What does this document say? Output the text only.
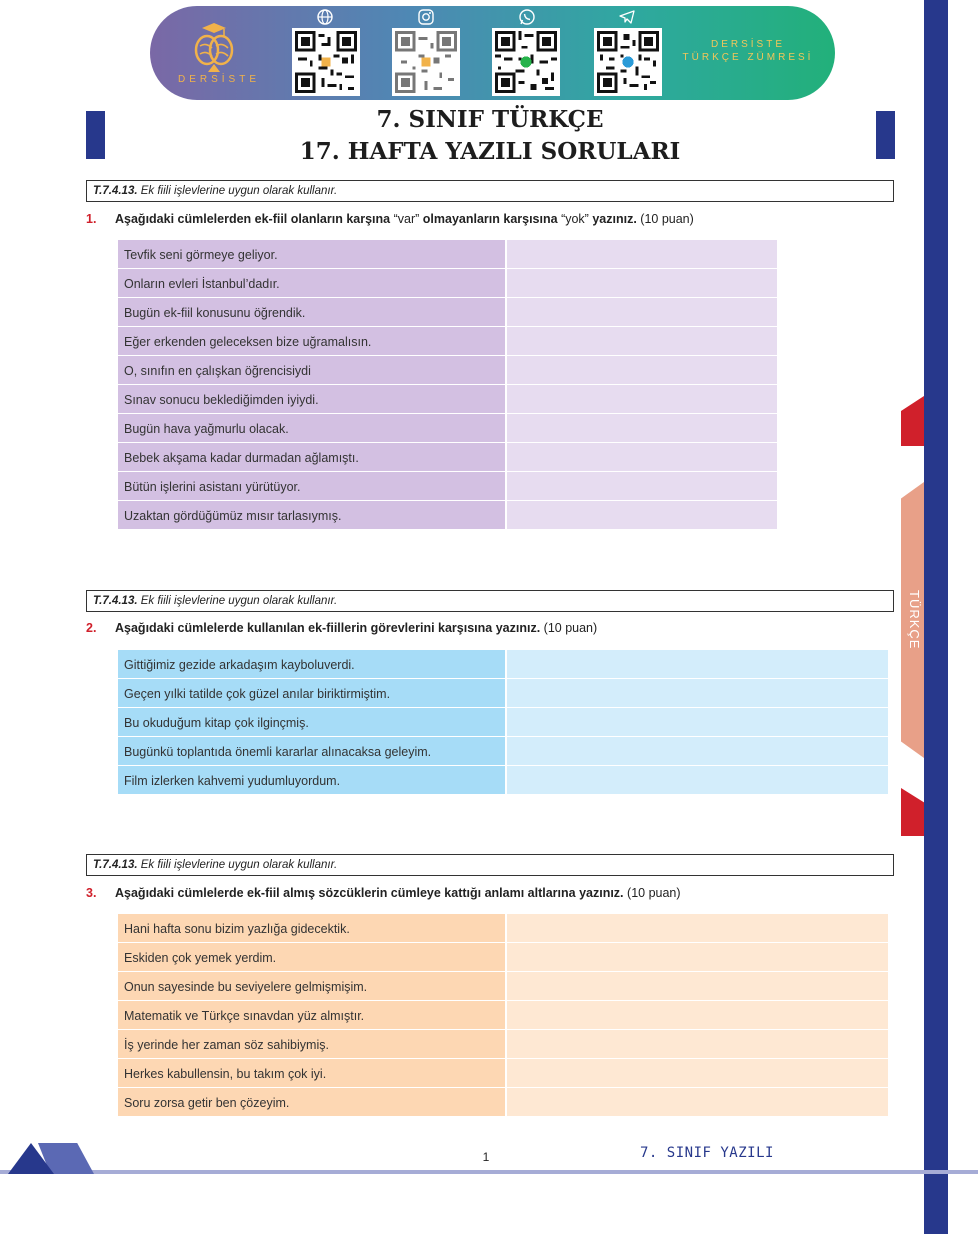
TÜRKÇE
DERSİSTE
DERSİSTE
TÜRKÇE ZÜMRESİ
7. SINIF TÜRKÇE
17. HAFTA YAZILI SORULARI
T.7.4.13. Ek fiili işlevlerine uygun olarak kullanır.
1. Aşağıdaki cümlelerden ek-fiil olanların karşına “var” olmayanların karşısına “yok” yazınız. (10 puan)
Tevfik seni görmeye geliyor.
Onların evleri İstanbul’dadır.
Bugün ek-fiil konusunu öğrendik.
Eğer erkenden geleceksen bize uğramalısın.
O, sınıfın en çalışkan öğrencisiydi
Sınav sonucu beklediğimden iyiydi.
Bugün hava yağmurlu olacak.
Bebek akşama kadar durmadan ağlamıştı.
Bütün işlerini asistanı yürütüyor.
Uzaktan gördüğümüz mısır tarlasıymış.
T.7.4.13. Ek fiili işlevlerine uygun olarak kullanır.
2. Aşağıdaki cümlelerde kullanılan ek-fiillerin görevlerini karşısına yazınız. (10 puan)
Gittiğimiz gezide arkadaşım kayboluverdi.
Geçen yılki tatilde çok güzel anılar biriktirmiştim.
Bu okuduğum kitap çok ilginçmiş.
Bugünkü toplantıda önemli kararlar alınacaksa geleyim.
Film izlerken kahvemi yudumluyordum.
T.7.4.13. Ek fiili işlevlerine uygun olarak kullanır.
3. Aşağıdaki cümlelerde ek-fiil almış sözcüklerin cümleye kattığı anlamı altlarına yazınız. (10 puan)
Hani hafta sonu bizim yazlığa gidecektik.
Eskiden çok yemek yerdim.
Onun sayesinde bu seviyelere gelmişmişim.
Matematik ve Türkçe sınavdan yüz almıştır.
İş yerinde her zaman söz sahibiymiş.
Herkes kabullensin, bu takım çok iyi.
Soru zorsa getir ben çözeyim.
1	7. SINIF YAZILI
